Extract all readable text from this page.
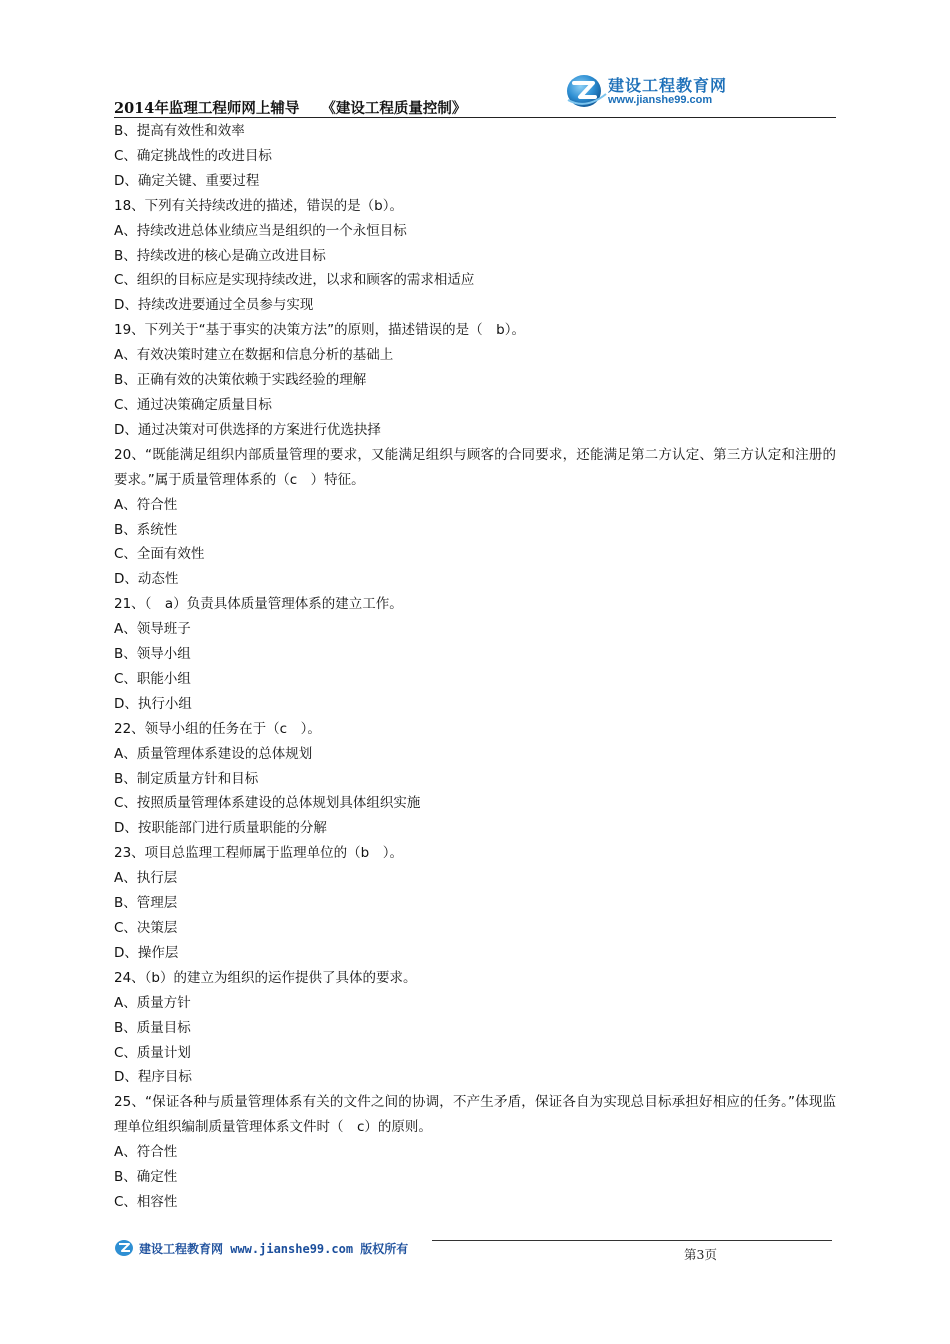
2014年监理工程师网上辅导 《建设工程质量控制》
建设工程教育网
www.jianshe99.com

B、提高有效性和效率

C、确定挑战性的改进目标

D、确定关键、重要过程

18、下列有关持续改进的描述，错误的是（b）。

A、持续改进总体业绩应当是组织的一个永恒目标

B、持续改进的核心是确立改进目标

C、组织的目标应是实现持续改进，以求和顾客的需求相适应

D、持续改进要通过全员参与实现

19、下列关于“基于事实的决策方法”的原则，描述错误的是（　b）。

A、有效决策时建立在数据和信息分析的基础上

B、正确有效的决策依赖于实践经验的理解

C、通过决策确定质量目标

D、通过决策对可供选择的方案进行优选抉择

20、“既能满足组织内部质量管理的要求，又能满足组织与顾客的合同要求，还能满足第二方认定、第三方认定和注册的要求。”属于质量管理体系的（c　）特征。

A、符合性

B、系统性

C、全面有效性

D、动态性

21、（　a）负责具体质量管理体系的建立工作。

A、领导班子

B、领导小组

C、职能小组

D、执行小组

22、领导小组的任务在于（c　）。

A、质量管理体系建设的总体规划

B、制定质量方针和目标

C、按照质量管理体系建设的总体规划具体组织实施

D、按职能部门进行质量职能的分解

23、项目总监理工程师属于监理单位的（b　）。

A、执行层

B、管理层

C、决策层

D、操作层

24、（b）的建立为组织的运作提供了具体的要求。

A、质量方针

B、质量目标

C、质量计划

D、程序目标

25、“保证各种与质量管理体系有关的文件之间的协调，不产生矛盾，保证各自为实现总目标承担好相应的任务。”体现监理单位组织编制质量管理体系文件时（　c）的原则。

A、符合性

B、确定性

C、相容性

建设工程教育网 www.jianshe99.com 版权所有	第3页
